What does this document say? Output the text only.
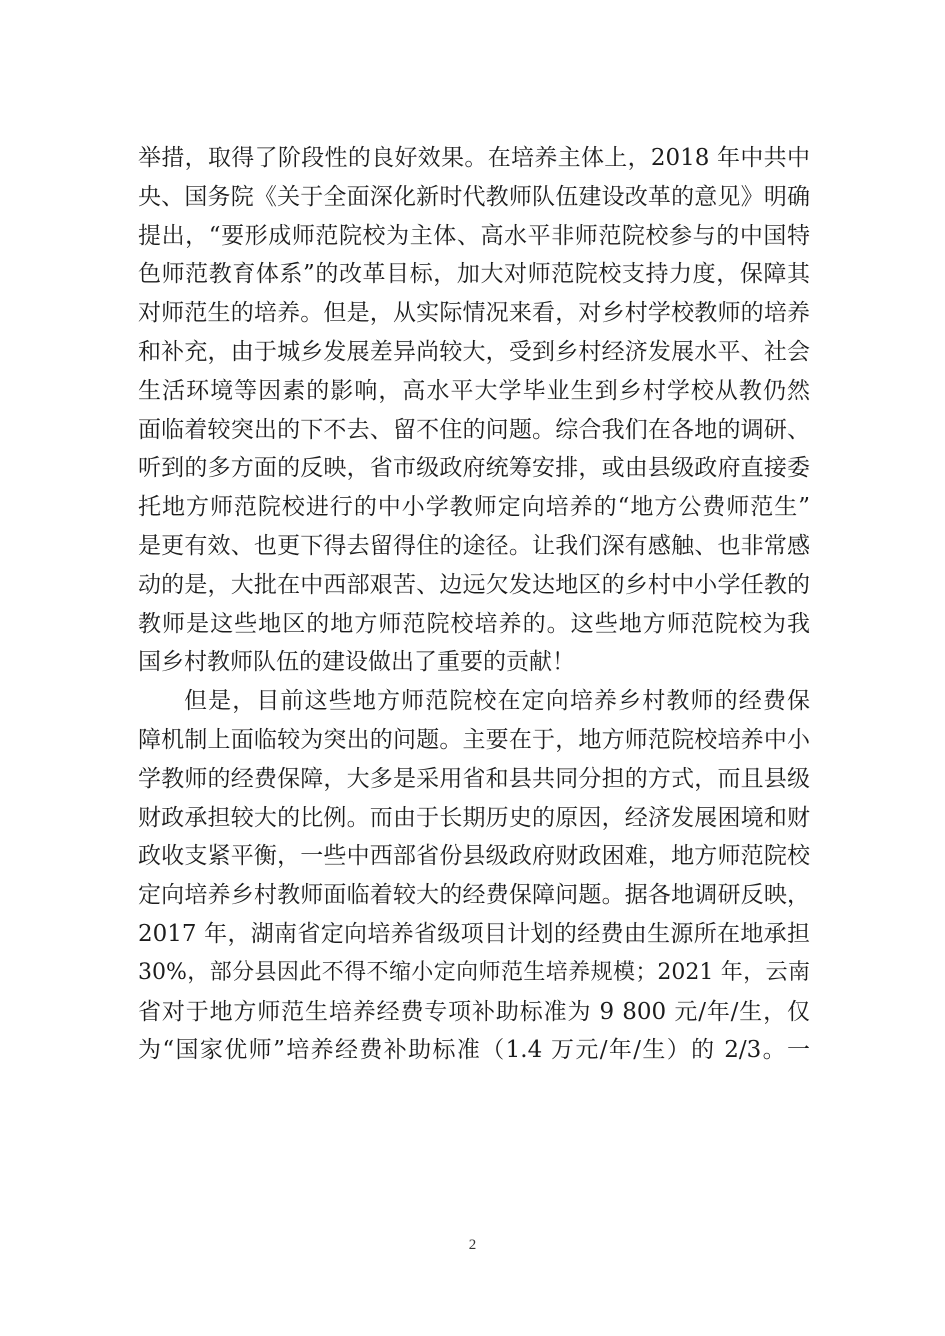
举措，取得了阶段性的良好效果。在培养主体上，2018 年中共中
央、国务院《关于全面深化新时代教师队伍建设改革的意见》明确
提出，“要形成师范院校为主体、高水平非师范院校参与的中国特
色师范教育体系”的改革目标，加大对师范院校支持力度，保障其
对师范生的培养。但是，从实际情况来看，对乡村学校教师的培养
和补充，由于城乡发展差异尚较大，受到乡村经济发展水平、社会
生活环境等因素的影响，高水平大学毕业生到乡村学校从教仍然
面临着较突出的下不去、留不住的问题。综合我们在各地的调研、
听到的多方面的反映，省市级政府统筹安排，或由县级政府直接委
托地方师范院校进行的中小学教师定向培养的“地方公费师范生”
是更有效、也更下得去留得住的途径。让我们深有感触、也非常感
动的是，大批在中西部艰苦、边远欠发达地区的乡村中小学任教的
教师是这些地区的地方师范院校培养的。这些地方师范院校为我
国乡村教师队伍的建设做出了重要的贡献！
但是，目前这些地方师范院校在定向培养乡村教师的经费保
障机制上面临较为突出的问题。主要在于，地方师范院校培养中小
学教师的经费保障，大多是采用省和县共同分担的方式，而且县级
财政承担较大的比例。而由于长期历史的原因，经济发展困境和财
政收支紧平衡，一些中西部省份县级政府财政困难，地方师范院校
定向培养乡村教师面临着较大的经费保障问题。据各地调研反映，
2017 年，湖南省定向培养省级项目计划的经费由生源所在地承担
30%，部分县因此不得不缩小定向师范生培养规模；2021 年，云南
省对于地方师范生培养经费专项补助标准为 9 800 元/年/生，仅
为“国家优师”培养经费补助标准（1.4 万元/年/生）的 2/3。一
2
